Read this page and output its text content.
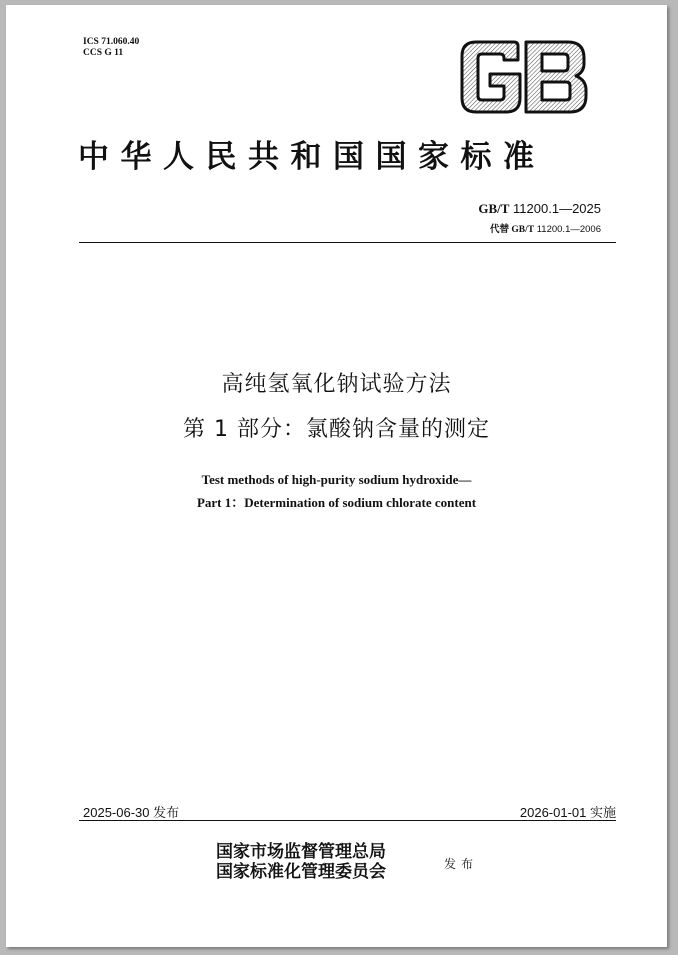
ICS 71.060.40
CCS G 11
中华人民共和国国家标准
GB/T 11200.1—2025
代替 GB/T 11200.1—2006
高纯氢氧化钠试验方法
第 1 部分：氯酸钠含量的测定
Test methods of high-purity sodium hydroxide—
Part 1：Determination of sodium chlorate content
2025-06-30 发布	2026-01-01 实施
国家市场监督管理总局
国家标准化管理委员会	发布
